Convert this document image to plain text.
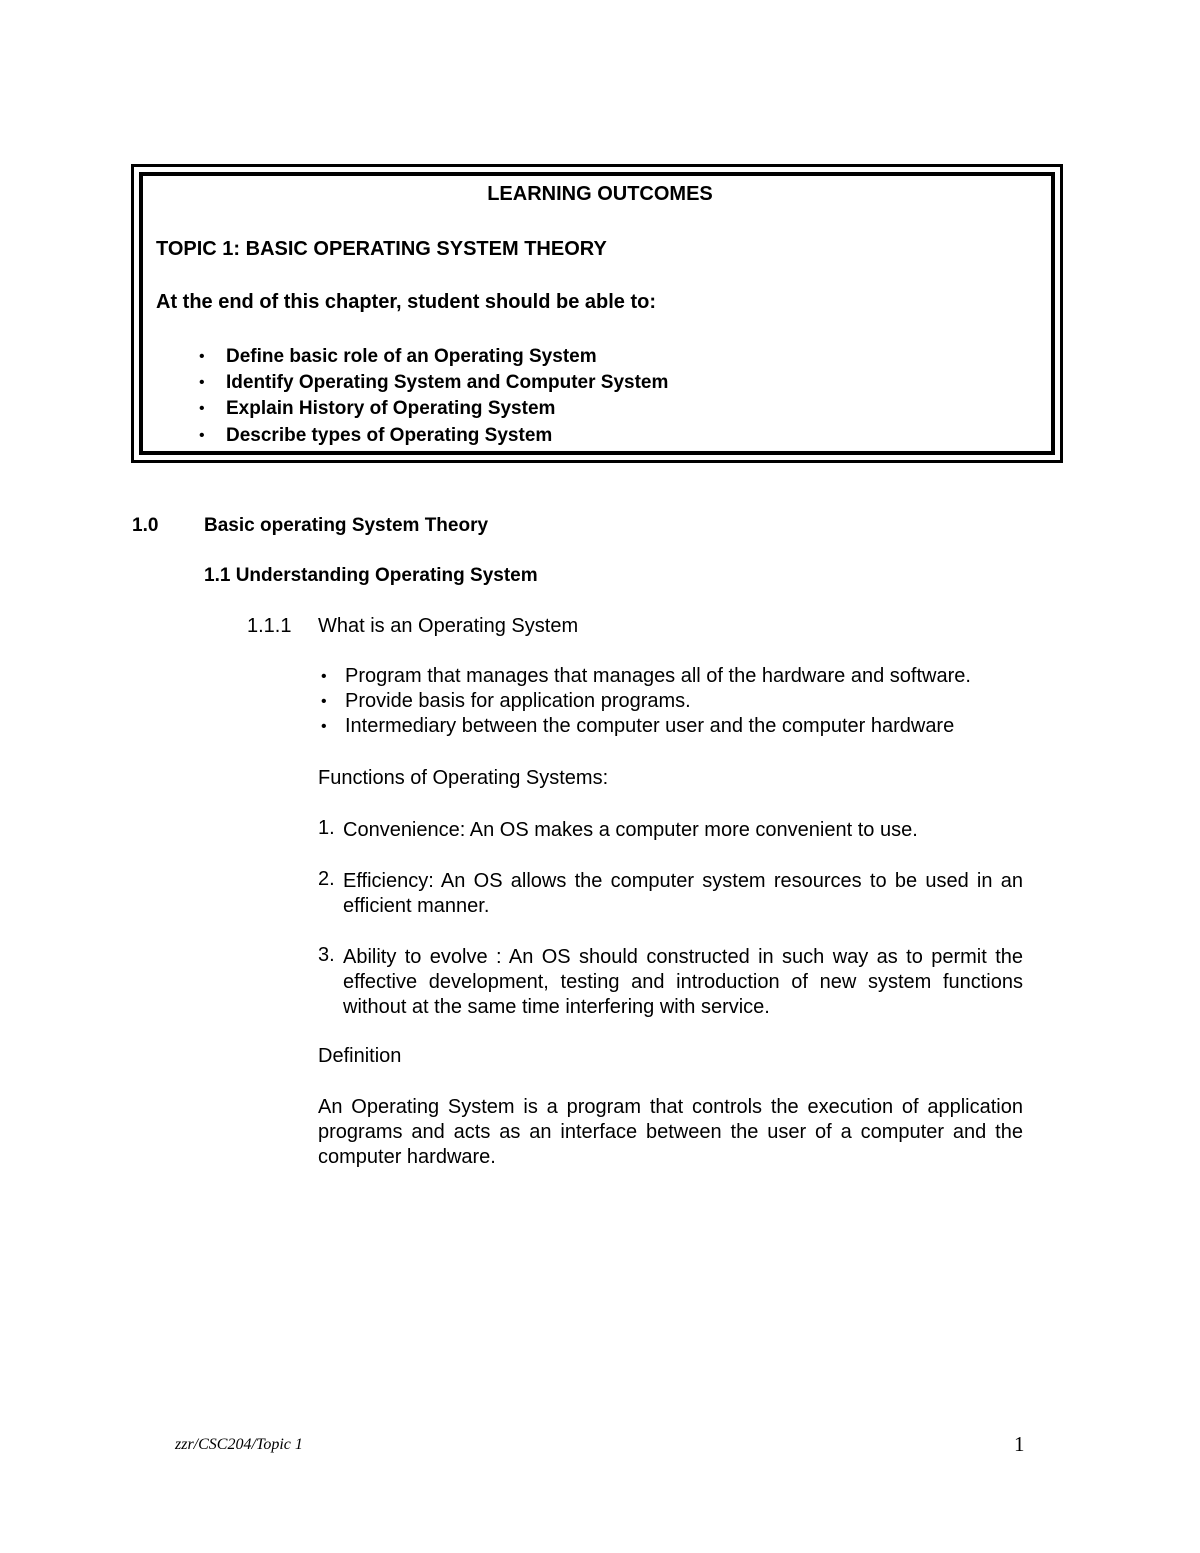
LEARNING OUTCOMES

TOPIC 1: BASIC OPERATING SYSTEM THEORY

At the end of this chapter, student should be able to:

• Define basic role of an Operating System
• Identify Operating System and Computer System
• Explain History of Operating System
• Describe types of Operating System
1.0 Basic operating System Theory
1.1 Understanding Operating System
1.1.1 What is an Operating System
• Program that manages that manages all of the hardware and software.
• Provide basis for application programs.
• Intermediary between the computer user and the computer hardware
Functions of Operating Systems:
1. Convenience: An OS makes a computer more convenient to use.
2. Efficiency: An OS allows the computer system resources to be used in an efficient manner.
3. Ability to evolve : An OS should constructed in such way as to permit the effective development, testing and introduction of new system functions without at the same time interfering with service.
Definition
An Operating System is a program that controls the execution of application programs and acts as an interface between the user of a computer and the computer hardware.
zzr/CSC204/Topic 1	1
